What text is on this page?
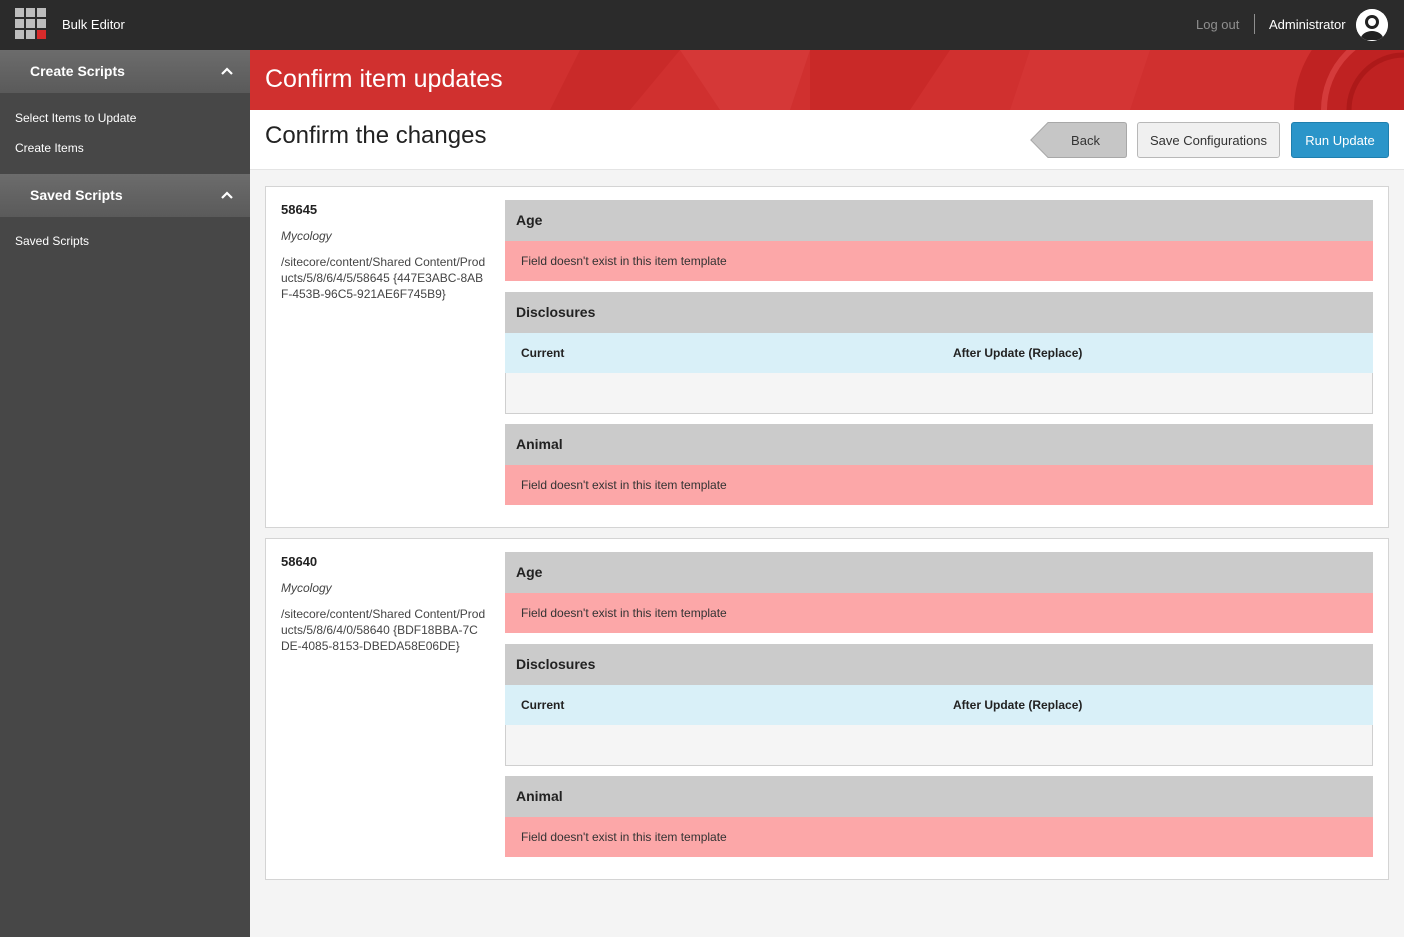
Bulk Editor	Log out Administrator
Create Scripts
Select Items to Update
Create Items
Saved Scripts
Saved Scripts
Confirm item updates
Confirm the changes	Back	Save Configurations	Run Update
58645
Mycology
/sitecore/content/Shared Content/Products/5/8/6/4/5/58645 {447E3ABC-8ABF-453B-96C5-921AE6F745B9}
Age
Field doesn't exist in this item template
Disclosures
Current	After Update (Replace)
Animal
Field doesn't exist in this item template
58640
Mycology
/sitecore/content/Shared Content/Products/5/8/6/4/0/58640 {BDF18BBA-7CDE-4085-8153-DBEDA58E06DE}
Age
Field doesn't exist in this item template
Disclosures
Current	After Update (Replace)
Animal
Field doesn't exist in this item template
